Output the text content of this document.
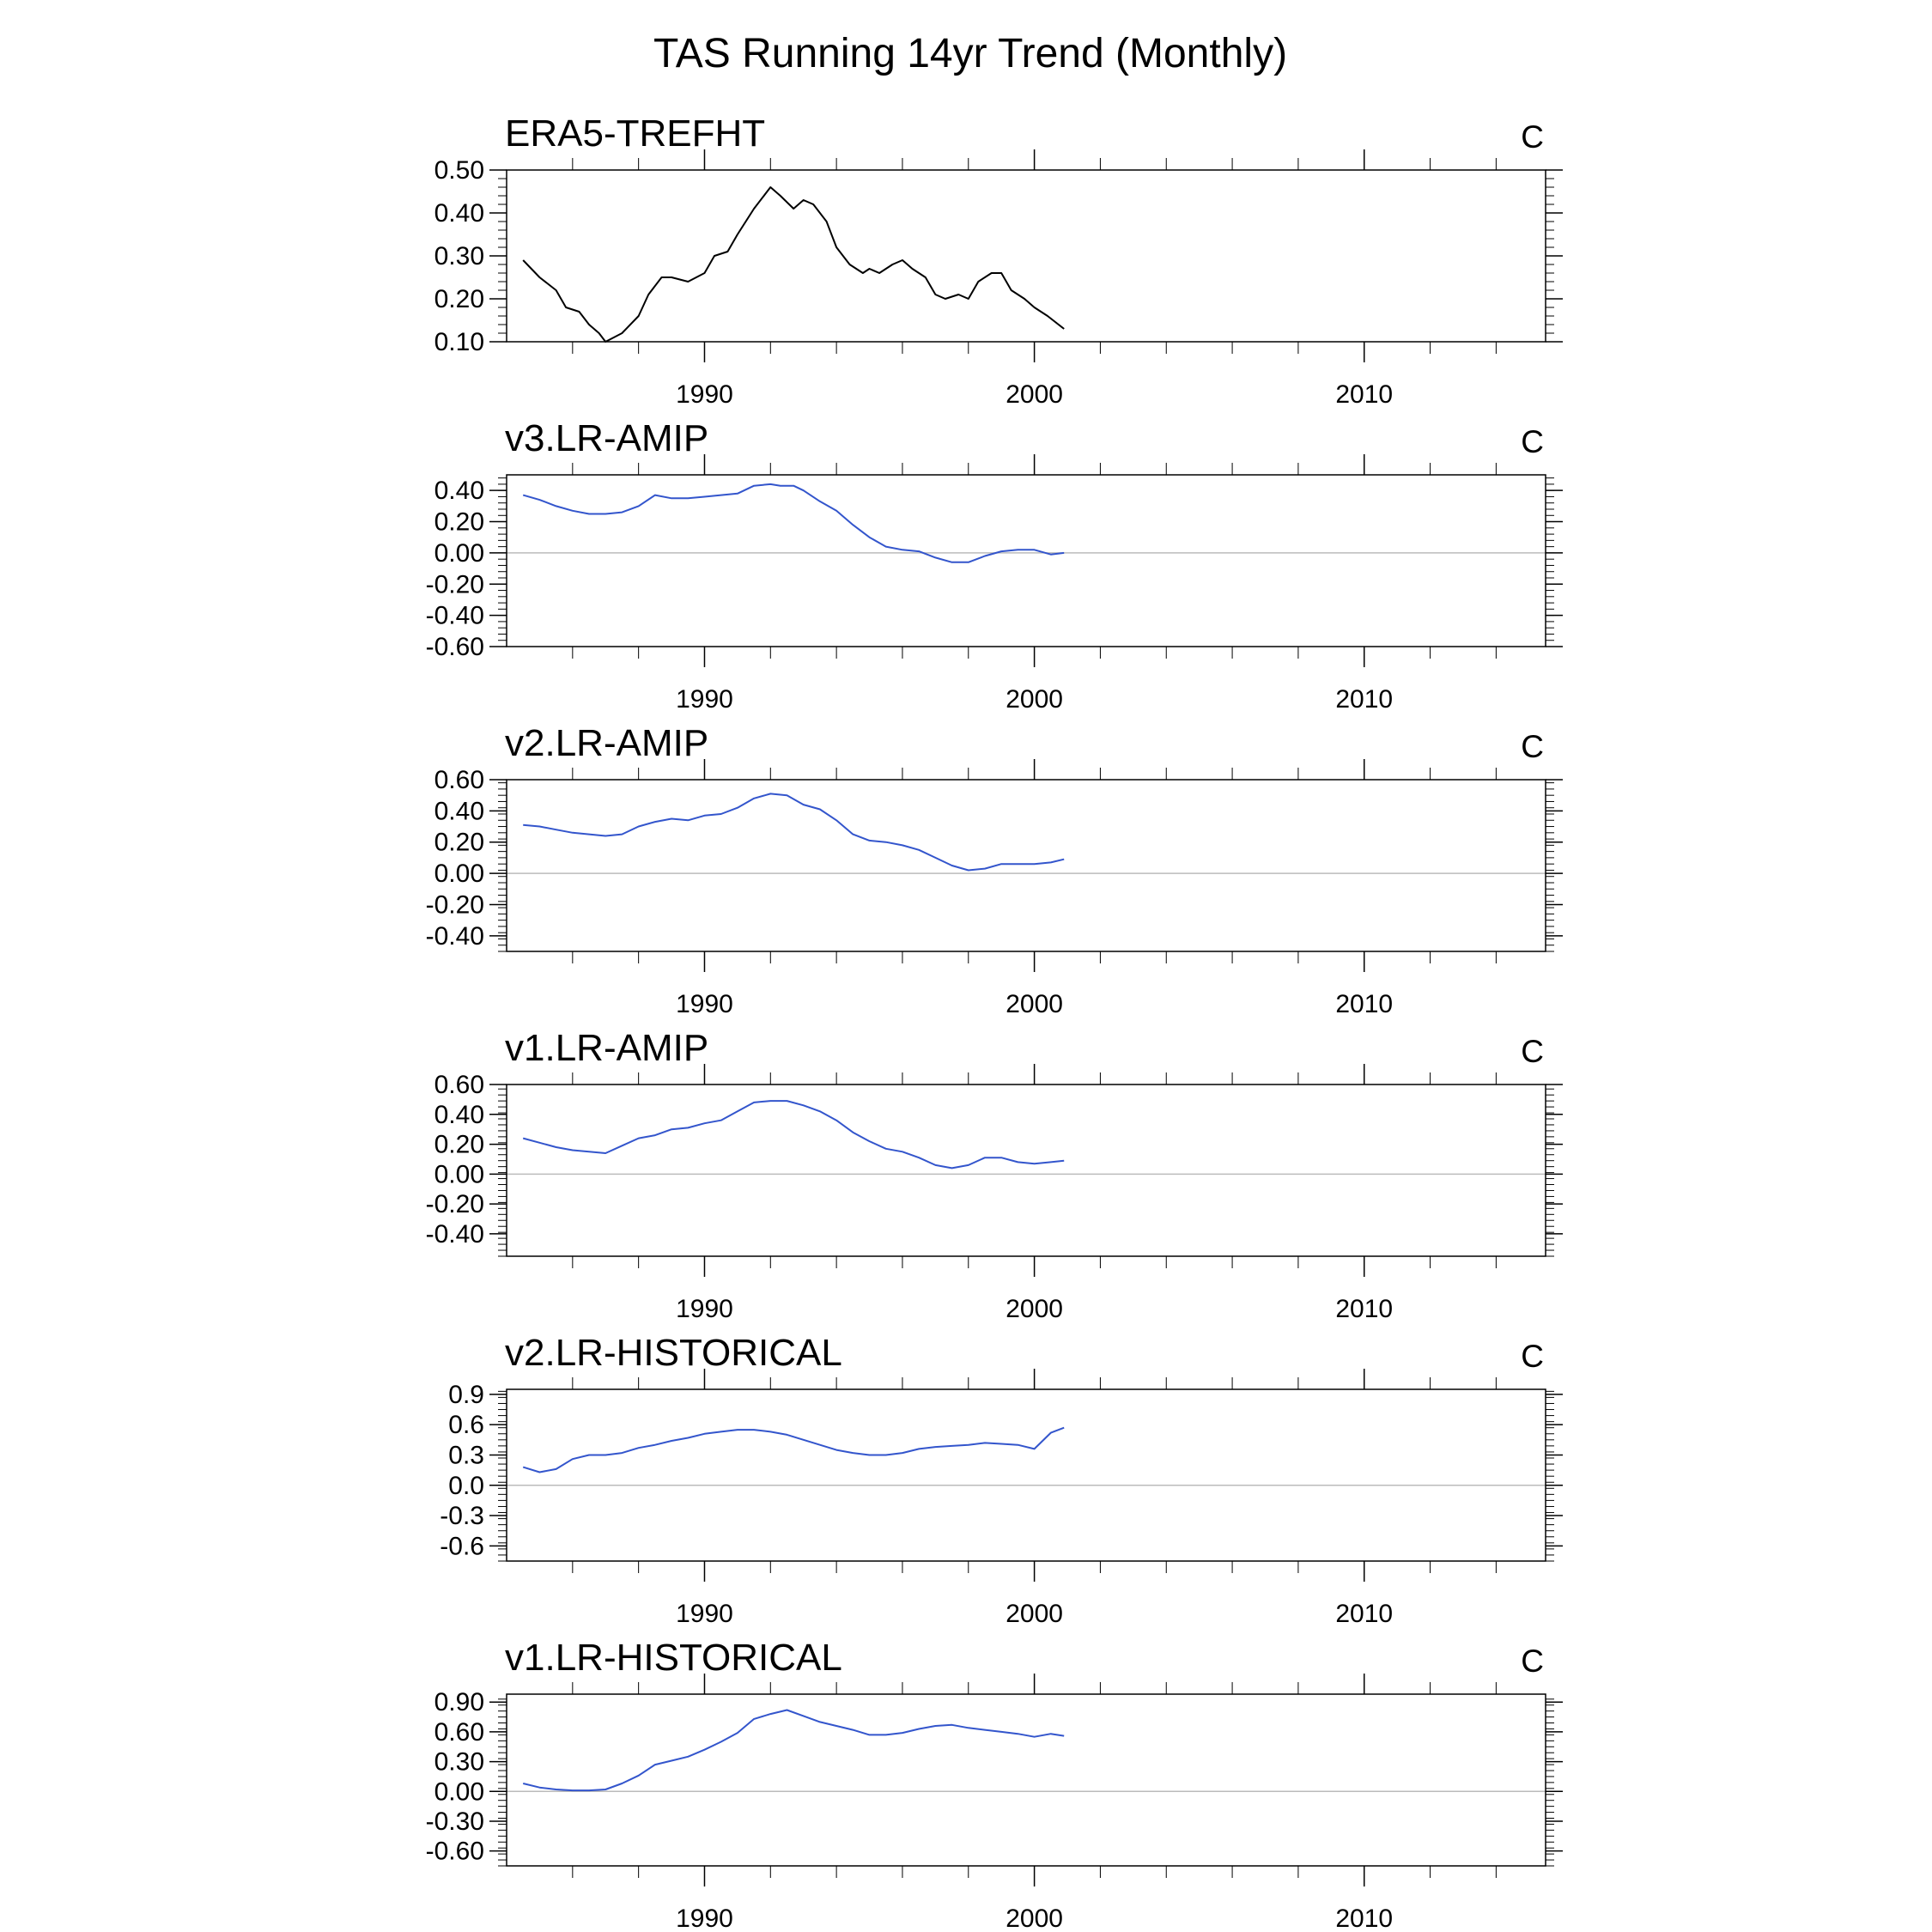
TAS Running 14yr Trend (Monthly)
ERA5-TREFHT	C
0.10
0.20
0.30
0.40
0.50
1990	2000	2010
v3.LR-AMIP	C
-0.60
-0.40
-0.20
0.00
0.20
0.40
1990	2000	2010
v2.LR-AMIP	C
-0.40
-0.20
0.00
0.20
0.40
0.60
1990	2000	2010
v1.LR-AMIP	C
-0.40
-0.20
0.00
0.20
0.40
0.60
1990	2000	2010
v2.LR-HISTORICAL	C
-0.6
-0.3
0.0
0.3
0.6
0.9
1990	2000	2010
v1.LR-HISTORICAL	C
-0.60
-0.30
0.00
0.30
0.60
0.90
1990	2000	2010
